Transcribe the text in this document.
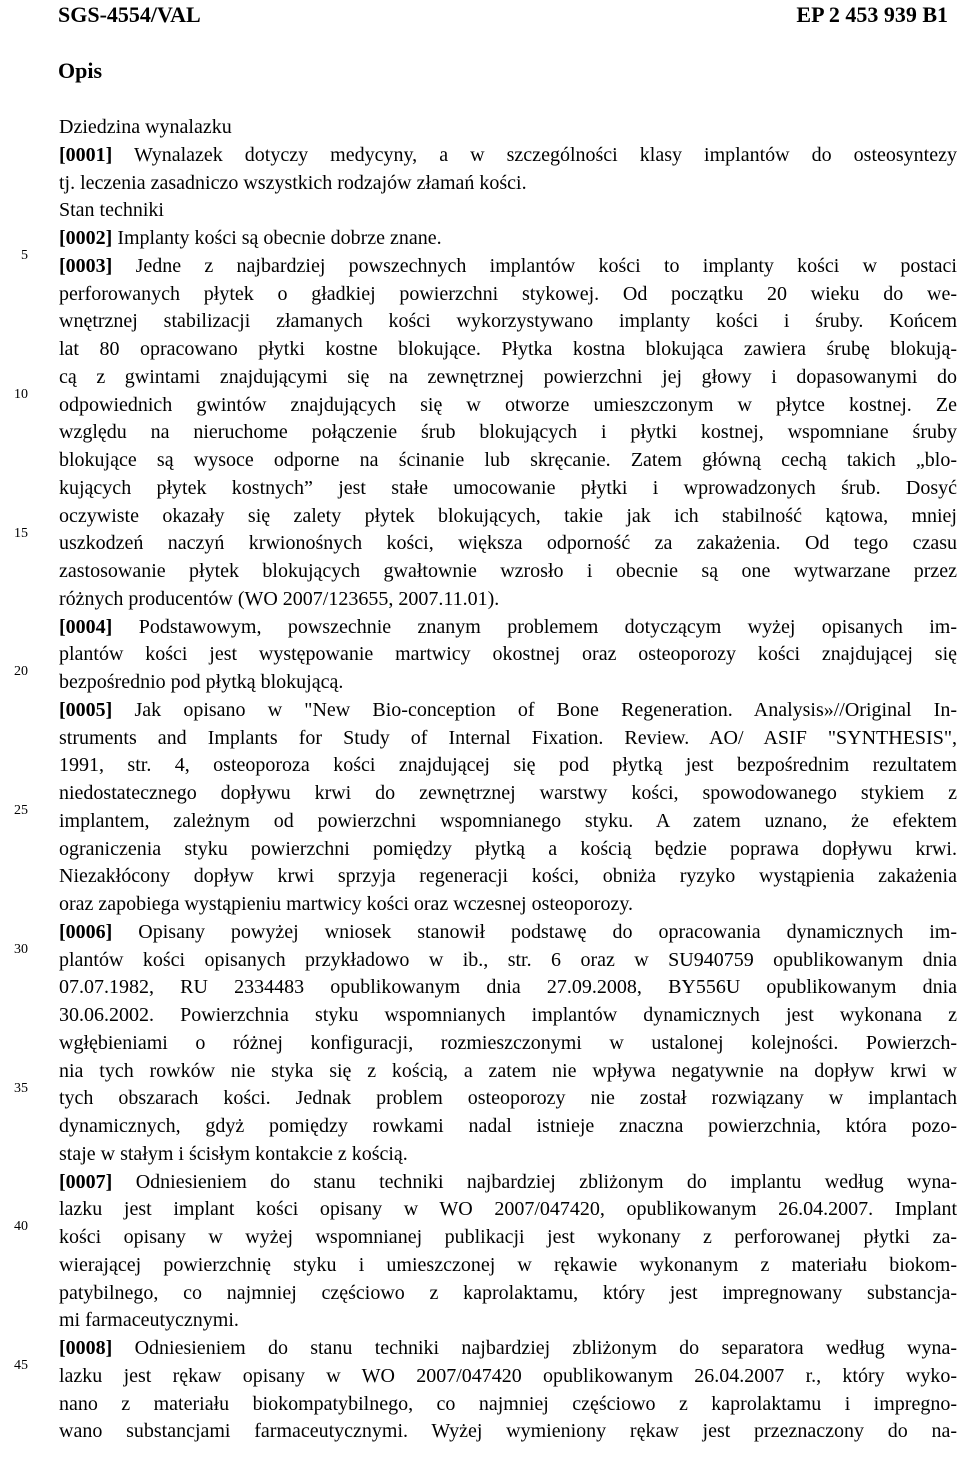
SGS-4554/VAL	EP 2 453 939 B1
Opis
Dziedzina wynalazku
[0001] Wynalazek dotyczy medycyny, a w szczególności klasy implantów do osteosyntezy
tj. leczenia zasadniczo wszystkich rodzajów złamań kości.
Stan techniki
[0002] Implanty kości są obecnie dobrze znane.
[0003] Jedne z najbardziej powszechnych implantów kości to implanty kości w postaci
perforowanych płytek o gładkiej powierzchni stykowej. Od początku 20 wieku do we-
wnętrznej stabilizacji złamanych kości wykorzystywano implanty kości i śruby. Końcem
lat 80 opracowano płytki kostne blokujące. Płytka kostna blokująca zawiera śrubę blokują-
cą z gwintami znajdującymi się na zewnętrznej powierzchni jej głowy i dopasowanymi do
odpowiednich gwintów znajdujących się w otworze umieszczonym w płytce kostnej. Ze
względu na nieruchome połączenie śrub blokujących i płytki kostnej, wspomniane śruby
blokujące są wysoce odporne na ścinanie lub skręcanie. Zatem główną cechą takich „blo-
kujących płytek kostnych” jest stałe umocowanie płytki i wprowadzonych śrub. Dosyć
oczywiste okazały się zalety płytek blokujących, takie jak ich stabilność kątowa, mniej
uszkodzeń naczyń krwionośnych kości, większa odporność za zakażenia. Od tego czasu
zastosowanie płytek blokujących gwałtownie wzrosło i obecnie są one wytwarzane przez
różnych producentów (WO 2007/123655, 2007.11.01).
[0004] Podstawowym, powszechnie znanym problemem dotyczącym wyżej opisanych im-
plantów kości jest występowanie martwicy okostnej oraz osteoporozy kości znajdującej się
bezpośrednio pod płytką blokującą.
[0005] Jak opisano w "New Bio-conception of Bone Regeneration. Analysis»//Original In-
struments and Implants for Study of Internal Fixation. Review. AO/ ASIF "SYNTHESIS",
1991, str. 4, osteoporoza kości znajdującej się pod płytką jest bezpośrednim rezultatem
niedostatecznego dopływu krwi do zewnętrznej warstwy kości, spowodowanego stykiem z
implantem, zależnym od powierzchni wspomnianego styku. A zatem uznano, że efektem
ograniczenia styku powierzchni pomiędzy płytką a kością będzie poprawa dopływu krwi.
Niezakłócony dopływ krwi sprzyja regeneracji kości, obniża ryzyko wystąpienia zakażenia
oraz zapobiega wystąpieniu martwicy kości oraz wczesnej osteoporozy.
[0006] Opisany powyżej wniosek stanowił podstawę do opracowania dynamicznych im-
plantów kości opisanych przykładowo w ib., str. 6 oraz w SU940759 opublikowanym dnia
07.07.1982, RU 2334483 opublikowanym dnia 27.09.2008, BY556U opublikowanym dnia
30.06.2002. Powierzchnia styku wspomnianych implantów dynamicznych jest wykonana z
wgłębieniami o różnej konfiguracji, rozmieszczonymi w ustalonej kolejności. Powierzch-
nia tych rowków nie styka się z kością, a zatem nie wpływa negatywnie na dopływ krwi w
tych obszarach kości. Jednak problem osteoporozy nie został rozwiązany w implantach
dynamicznych, gdyż pomiędzy rowkami nadal istnieje znaczna powierzchnia, która pozo-
staje w stałym i ścisłym kontakcie z kością.
[0007] Odniesieniem do stanu techniki najbardziej zbliżonym do implantu według wyna-
lazku jest implant kości opisany w WO 2007/047420, opublikowanym 26.04.2007. Implant
kości opisany w wyżej wspomnianej publikacji jest wykonany z perforowanej płytki za-
wierającej powierzchnię styku i umieszczonej w rękawie wykonanym z materiału biokom-
patybilnego, co najmniej częściowo z kaprolaktamu, który jest impregnowany substancja-
mi farmaceutycznymi.
[0008] Odniesieniem do stanu techniki najbardziej zbliżonym do separatora według wyna-
lazku jest rękaw opisany w WO 2007/047420 opublikowanym 26.04.2007 r., który wyko-
nano z materiału biokompatybilnego, co najmniej częściowo z kaprolaktamu i impregno-
wano substancjami farmaceutycznymi. Wyżej wymieniony rękaw jest przeznaczony do na-
5
10
15
20
25
30
35
40
45
